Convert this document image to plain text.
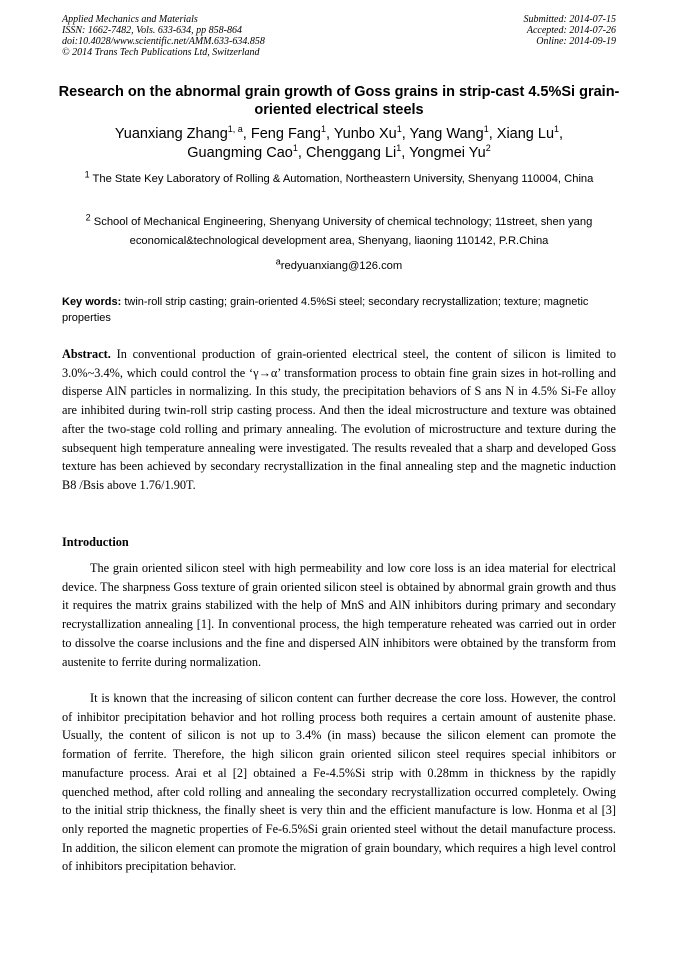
Applied Mechanics and Materials
ISSN: 1662-7482, Vols. 633-634, pp 858-864
doi:10.4028/www.scientific.net/AMM.633-634.858
© 2014 Trans Tech Publications Ltd, Switzerland
Submitted: 2014-07-15
Accepted: 2014-07-26
Online: 2014-09-19
Research on the abnormal grain growth of Goss grains in strip-cast 4.5%Si grain-oriented electrical steels
Yuanxiang Zhang$^{1, a}$, Feng Fang$^1$, Yunbo Xu$^1$, Yang Wang$^1$, Xiang Lu$^1$,
Guangming Cao$^1$, Chenggang Li$^1$, Yongmei Yu$^2$
$^1$ The State Key Laboratory of Rolling & Automation, Northeastern University, Shenyang 110004, China
$^2$ School of Mechanical Engineering, Shenyang University of chemical technology; 11street, shen yang economical&technological development area, Shenyang, liaoning 110142, P.R.China
$^a$redyuanxiang@126.com
Key words: twin-roll strip casting; grain-oriented 4.5%Si steel; secondary recrystallization; texture; magnetic properties
Abstract. In conventional production of grain-oriented electrical steel, the content of silicon is limited to 3.0%~3.4%, which could control the ‘γ→α’ transformation process to obtain fine grain sizes in hot-rolling and disperse AlN particles in normalizing. In this study, the precipitation behaviors of S ans N in 4.5% Si-Fe alloy are inhibited during twin-roll strip casting process. And then the ideal microstructure and texture was obtained after the two-stage cold rolling and primary annealing. The evolution of microstructure and texture during the subsequent high temperature annealing were investigated. The results revealed that a sharp and developed Goss texture has been achieved by secondary recrystallization in the final annealing step and the magnetic induction B8 /Bsis above 1.76/1.90T.
Introduction

The grain oriented silicon steel with high permeability and low core loss is an idea material for electrical device. The sharpness Goss texture of grain oriented silicon steel is obtained by abnormal grain growth and thus it requires the matrix grains stabilized with the help of MnS and AlN inhibitors during primary and secondary recrystallization annealing [1]. In conventional process, the high temperature reheated was carried out in order to dissolve the coarse inclusions and the fine and dispersed AlN inhibitors were obtained by the transform from austenite to ferrite during normalization.

It is known that the increasing of silicon content can further decrease the core loss. However, the control of inhibitor precipitation behavior and hot rolling process both requires a certain amount of austenite phase. Usually, the content of silicon is not up to 3.4% (in mass) because the silicon element can promote the formation of ferrite. Therefore, the high silicon grain oriented silicon steel requires special inhibitors or manufacture process. Arai et al [2] obtained a Fe-4.5%Si strip with 0.28mm in thickness by the rapidly quenched method, after cold rolling and annealing the secondary recrystallization occurred completely. Owing to the initial strip thickness, the finally sheet is very thin and the efficient manufacture is low. Honma et al [3] only reported the magnetic properties of Fe-6.5%Si grain oriented steel without the detail manufacture process. In addition, the silicon element can promote the migration of grain boundary, which requires a high level control of inhibitors precipitation behavior.
